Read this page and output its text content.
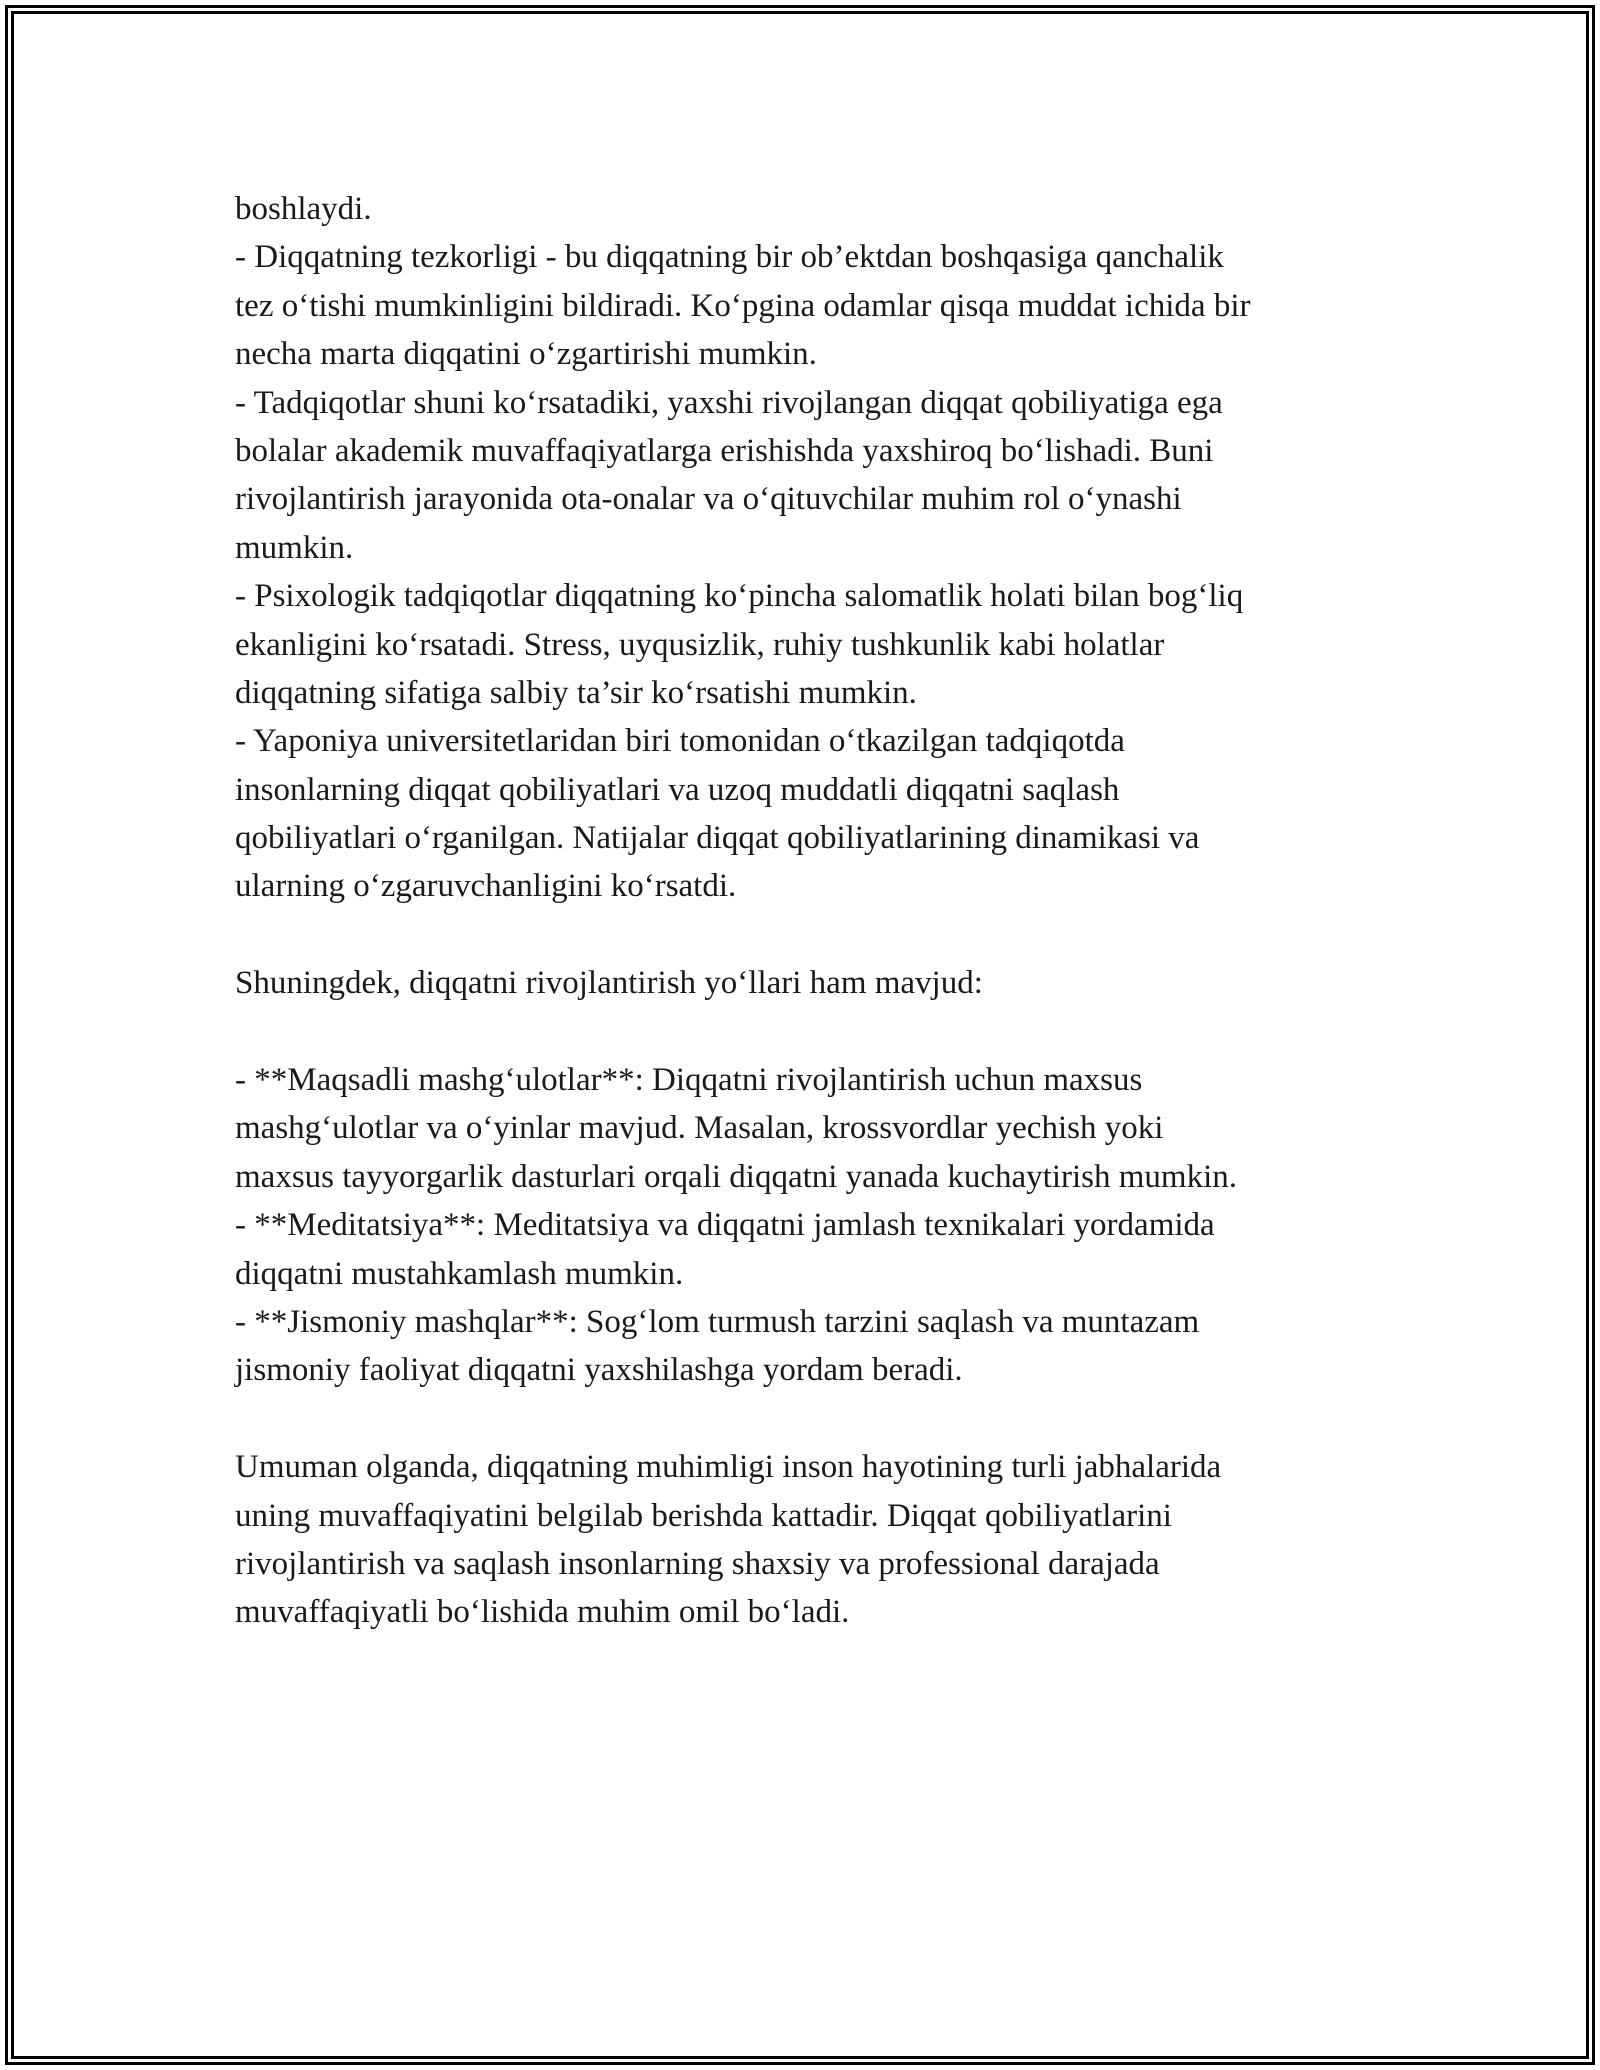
boshlaydi.
- Diqqatning tezkorligi - bu diqqatning bir ob’ektdan boshqasiga qanchalik
tez o‘tishi mumkinligini bildiradi. Ko‘pgina odamlar qisqa muddat ichida bir
necha marta diqqatini o‘zgartirishi mumkin.
- Tadqiqotlar shuni ko‘rsatadiki, yaxshi rivojlangan diqqat qobiliyatiga ega
bolalar akademik muvaffaqiyatlarga erishishda yaxshiroq bo‘lishadi. Buni
rivojlantirish jarayonida ota-onalar va o‘qituvchilar muhim rol o‘ynashi
mumkin.
- Psixologik tadqiqotlar diqqatning ko‘pincha salomatlik holati bilan bog‘liq
ekanligini ko‘rsatadi. Stress, uyqusizlik, ruhiy tushkunlik kabi holatlar
diqqatning sifatiga salbiy ta’sir ko‘rsatishi mumkin.
- Yaponiya universitetlaridan biri tomonidan o‘tkazilgan tadqiqotda
insonlarning diqqat qobiliyatlari va uzoq muddatli diqqatni saqlash
qobiliyatlari o‘rganilgan. Natijalar diqqat qobiliyatlarining dinamikasi va
ularning o‘zgaruvchanligini ko‘rsatdi.
Shuningdek, diqqatni rivojlantirish yo‘llari ham mavjud:
- **Maqsadli mashg‘ulotlar**: Diqqatni rivojlantirish uchun maxsus
mashg‘ulotlar va o‘yinlar mavjud. Masalan, krossvordlar yechish yoki
maxsus tayyorgarlik dasturlari orqali diqqatni yanada kuchaytirish mumkin.
- **Meditatsiya**: Meditatsiya va diqqatni jamlash texnikalari yordamida
diqqatni mustahkamlash mumkin.
- **Jismoniy mashqlar**: Sog‘lom turmush tarzini saqlash va muntazam
jismoniy faoliyat diqqatni yaxshilashga yordam beradi.
Umuman olganda, diqqatning muhimligi inson hayotining turli jabhalarida
uning muvaffaqiyatini belgilab berishda kattadir. Diqqat qobiliyatlarini
rivojlantirish va saqlash insonlarning shaxsiy va professional darajada
muvaffaqiyatli bo‘lishida muhim omil bo‘ladi.
